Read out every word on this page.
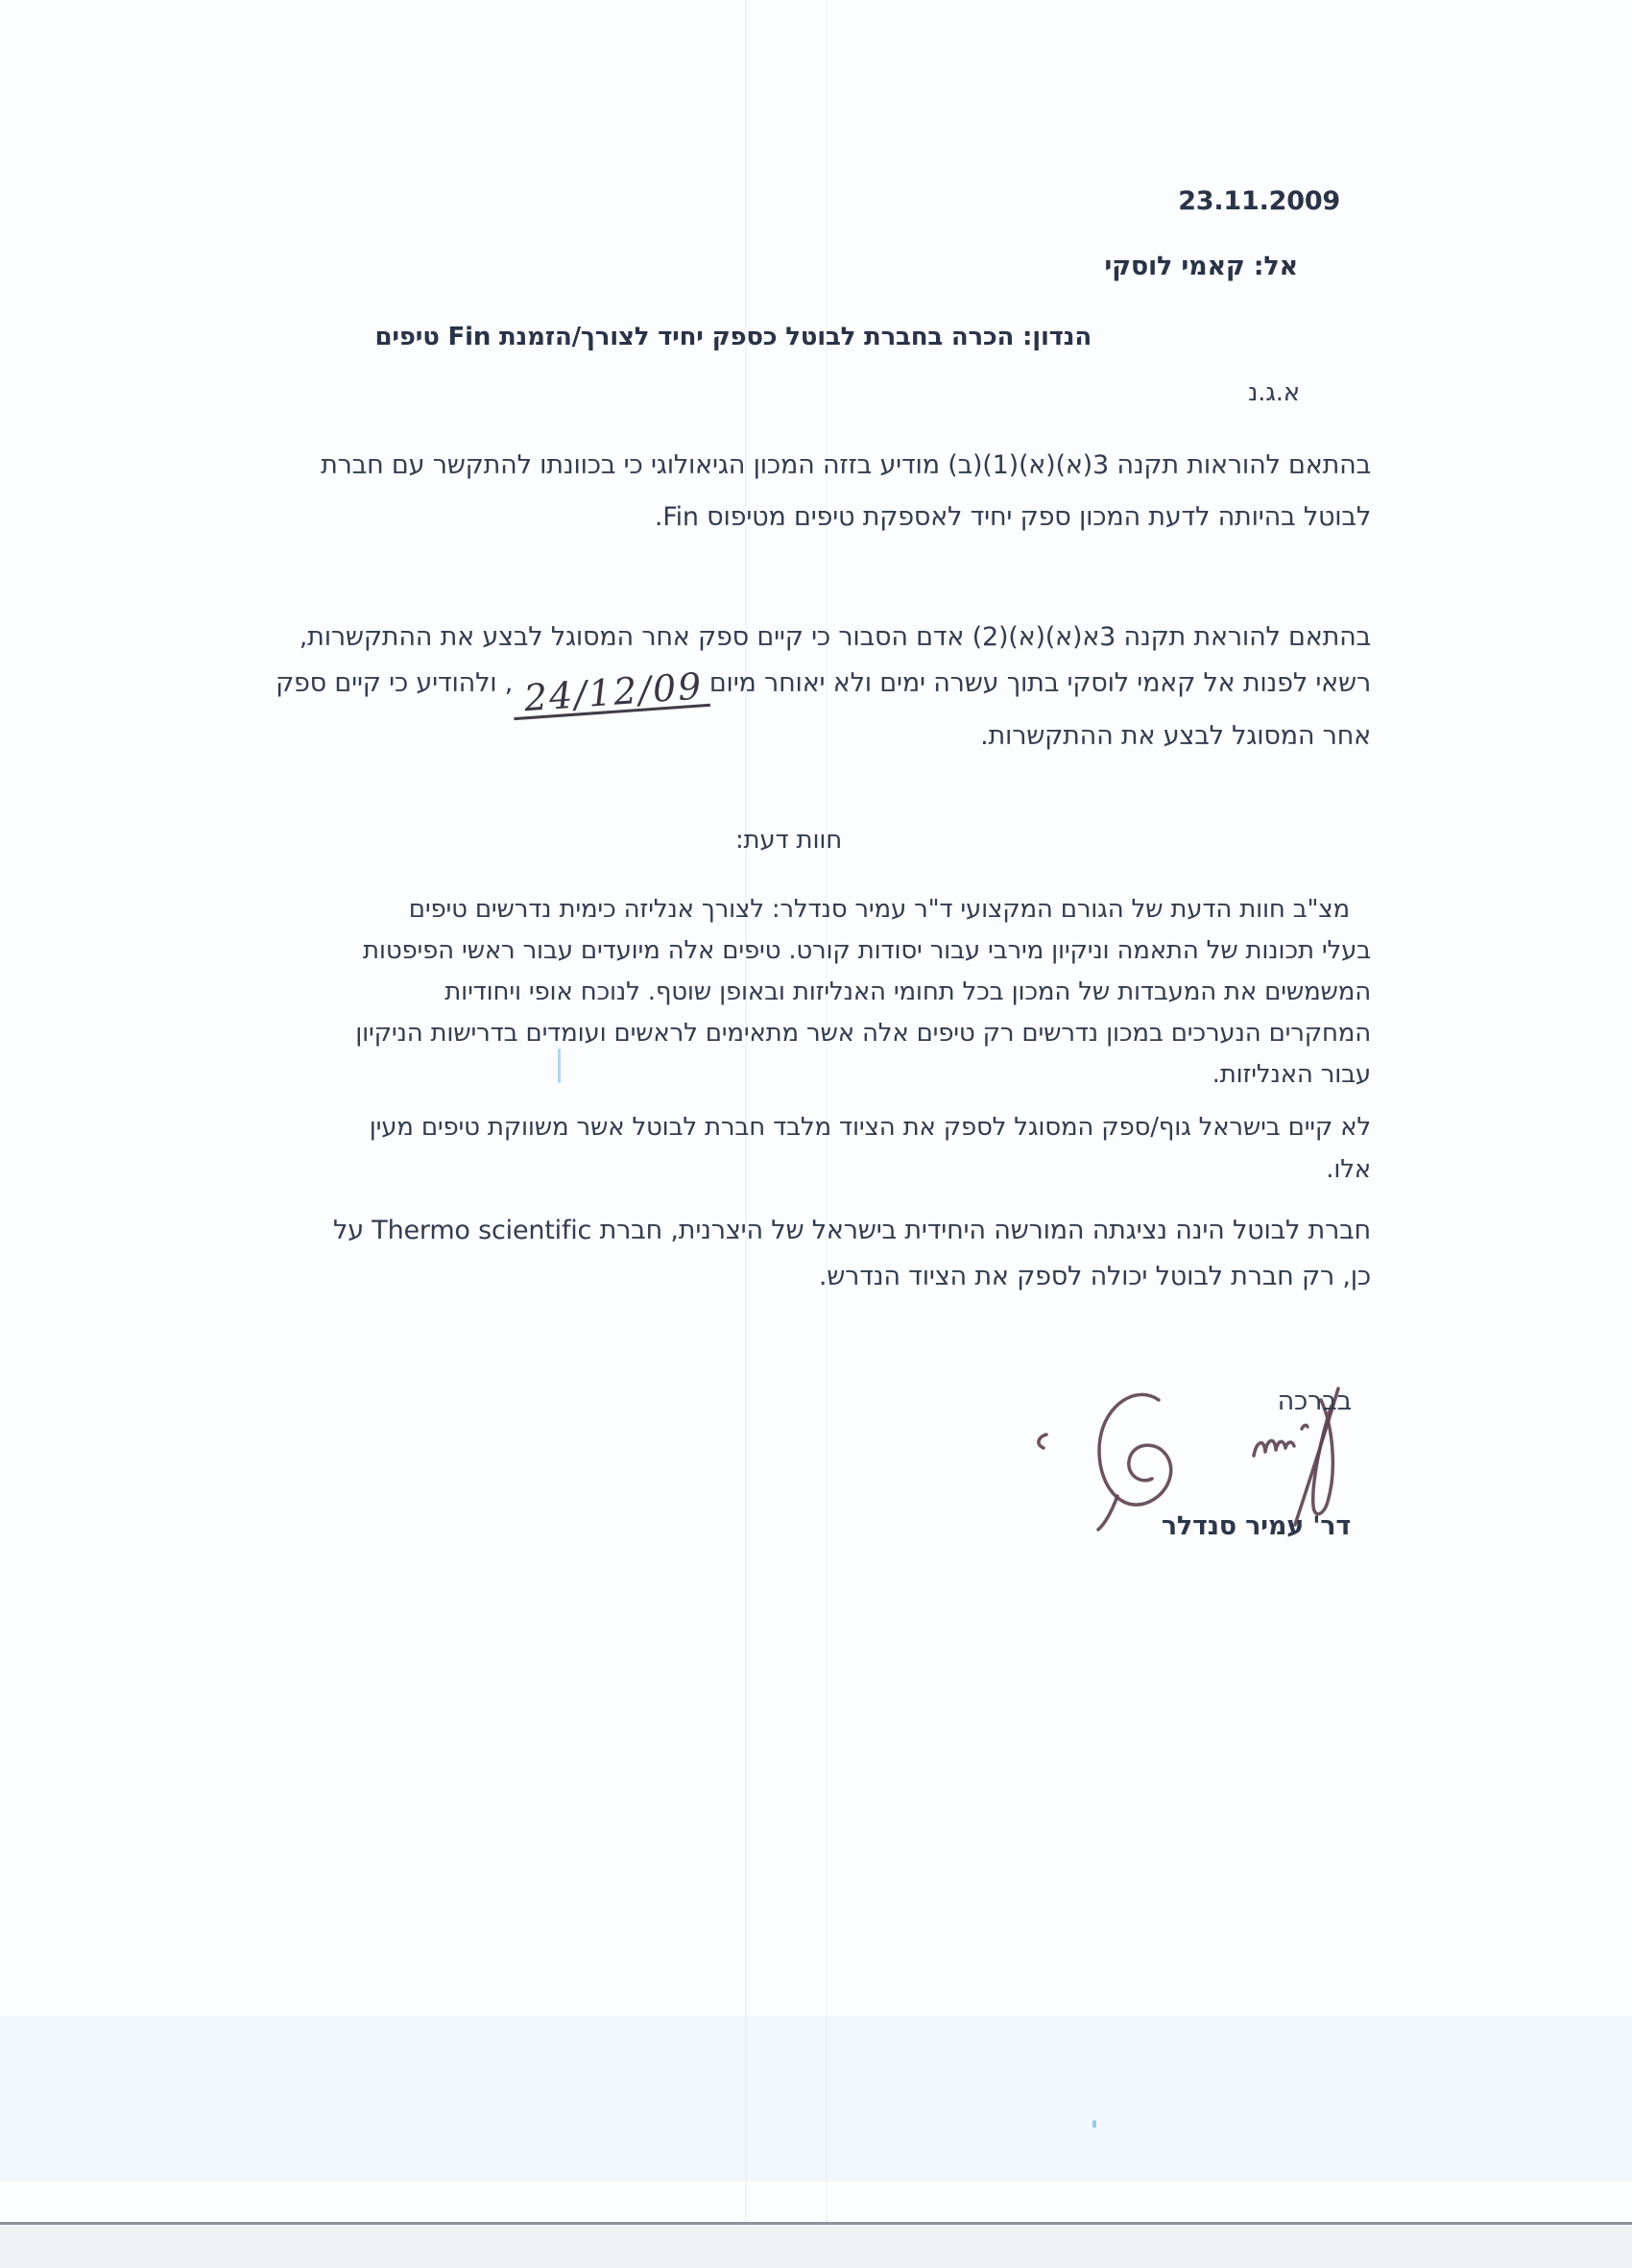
23.11.2009
אל: קאמי לוסקי
הנדון: הכרה בחברת לבוטל כספק יחיד לצורך/הזמנת Fin טיפים
א.ג.נ
בהתאם להוראות תקנה 3(א)(א)(1)(ב) מודיע בזזה המכון הגיאולוגי כי בכוונתו להתקשר עם חברת
לבוטל בהיותה לדעת המכון ספק יחיד לאספקת טיפים מטיפוס Fin.
בהתאם להוראת תקנה 3א(א)(א)(2) אדם הסבור כי קיים ספק אחר המסוגל לבצע את ההתקשרות,
רשאי לפנות אל קאמי לוסקי בתוך עשרה ימים ולא יאוחר מיום24/12/09, ולהודיע כי קיים ספק
אחר המסוגל לבצע את ההתקשרות.
חוות דעת:
מצ"ב חוות הדעת של הגורם המקצועי ד"ר עמיר סנדלר: לצורך אנליזה כימית נדרשים טיפים
בעלי תכונות של התאמה וניקיון מירבי עבור יסודות קורט. טיפים אלה מיועדים עבור ראשי הפיפטות
המשמשים את המעבדות של המכון בכל תחומי האנליזות ובאופן שוטף. לנוכח אופי ויחודיות
המחקרים הנערכים במכון נדרשים רק טיפים אלה אשר מתאימים לראשים ועומדים בדרישות הניקיון
עבור האנליזות.
לא קיים בישראל גוף/ספק המסוגל לספק את הציוד מלבד חברת לבוטל אשר משווקת טיפים מעין
אלו.
חברת לבוטל הינה נציגתה המורשה היחידית בישראל של היצרנית, חברת Thermo scientific על
כן, רק חברת לבוטל יכולה לספק את הציוד הנדרש.
בברכה
דר' עמיר סנדלר
